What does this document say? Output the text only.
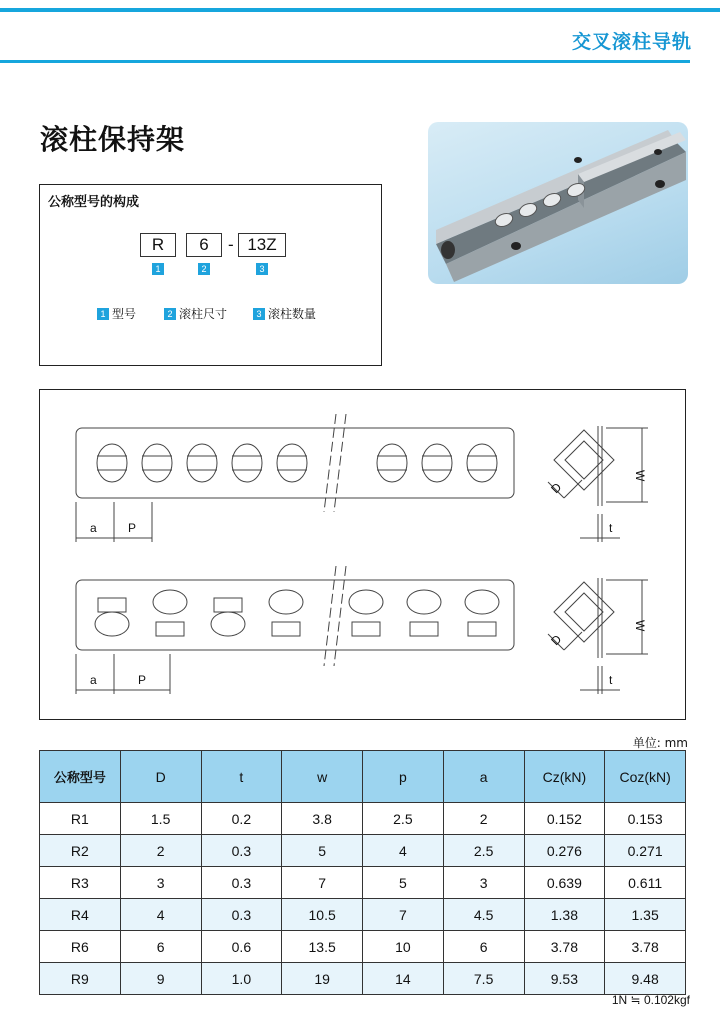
交叉滚柱导轨
滚柱保持架
公称型号的构成
R	6	- 13Z
1	2	3
1 型号	2 滚柱尺寸	3 滚柱数量
a	P	t
W
D
a	P	t
W
D
单位: mm
公称型号	D	t	w	p	a	Cz(kN)	Coz(kN)
R1	1.5	0.2	3.8	2.5	2	0.152	0.153
R2	2	0.3	5	4	2.5	0.276	0.271
R3	3	0.3	7	5	3	0.639	0.611
R4	4	0.3	10.5	7	4.5	1.38	1.35
R6	6	0.6	13.5	10	6	3.78	3.78
R9	9	1.0	19	14	7.5	9.53	9.48
1N ≒ 0.102kgf
